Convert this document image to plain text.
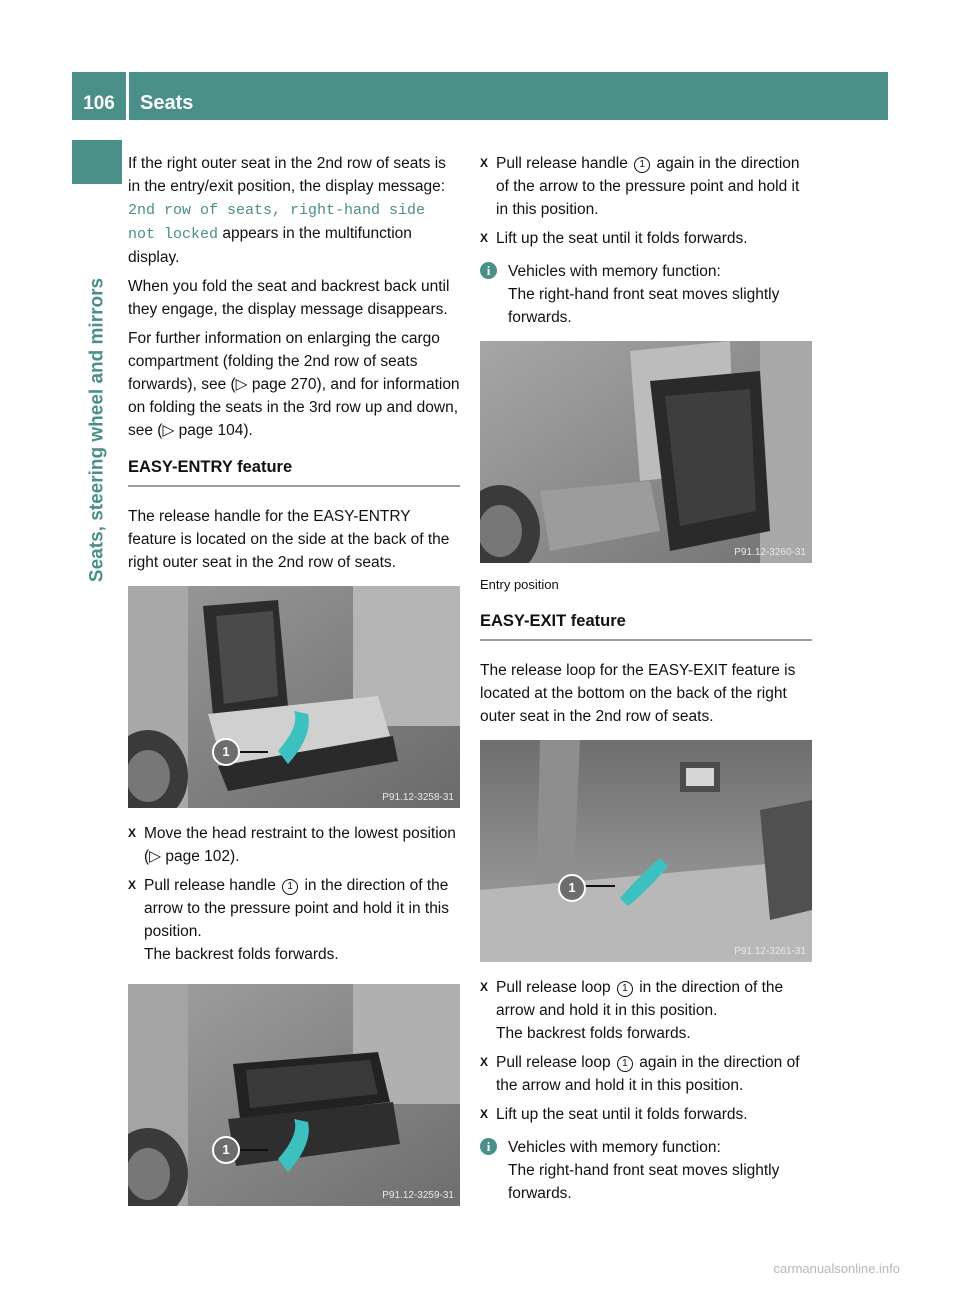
106	Seats
Seats, steering wheel and mirrors

If the right outer seat in the 2nd row of seats is in the entry/exit position, the display message: 2nd row of seats, right-hand side not locked appears in the multifunction display.

When you fold the seat and backrest back until they engage, the display message disappears.

For further information on enlarging the cargo compartment (folding the 2nd row of seats forwards), see (▷ page 270), and for information on folding the seats in the 3rd row up and down, see (▷ page 104).

EASY-ENTRY feature

The release handle for the EASY-ENTRY feature is located on the side at the back of the right outer seat in the 2nd row of seats.

1
P91.12-3258-31
X Move the head restraint to the lowest position (▷ page 102).
X Pull release handle 1 in the direction of the arrow to the pressure point and hold it in this position.
The backrest folds forwards.
1
P91.12-3259-31
X Pull release handle 1 again in the direction of the arrow to the pressure point and hold it in this position.
X Lift up the seat until it folds forwards.
i	Vehicles with memory function:
The right-hand front seat moves slightly forwards.
P91.12-3260-31

Entry position

EASY-EXIT feature

The release loop for the EASY-EXIT feature is located at the bottom on the back of the right outer seat in the 2nd row of seats.

1
P91.12-3261-31
X Pull release loop 1 in the direction of the arrow and hold it in this position.
The backrest folds forwards.
X Pull release loop 1 again in the direction of the arrow and hold it in this position.
X Lift up the seat until it folds forwards.
i	Vehicles with memory function:
The right-hand front seat moves slightly forwards.
carmanualsonline.info
